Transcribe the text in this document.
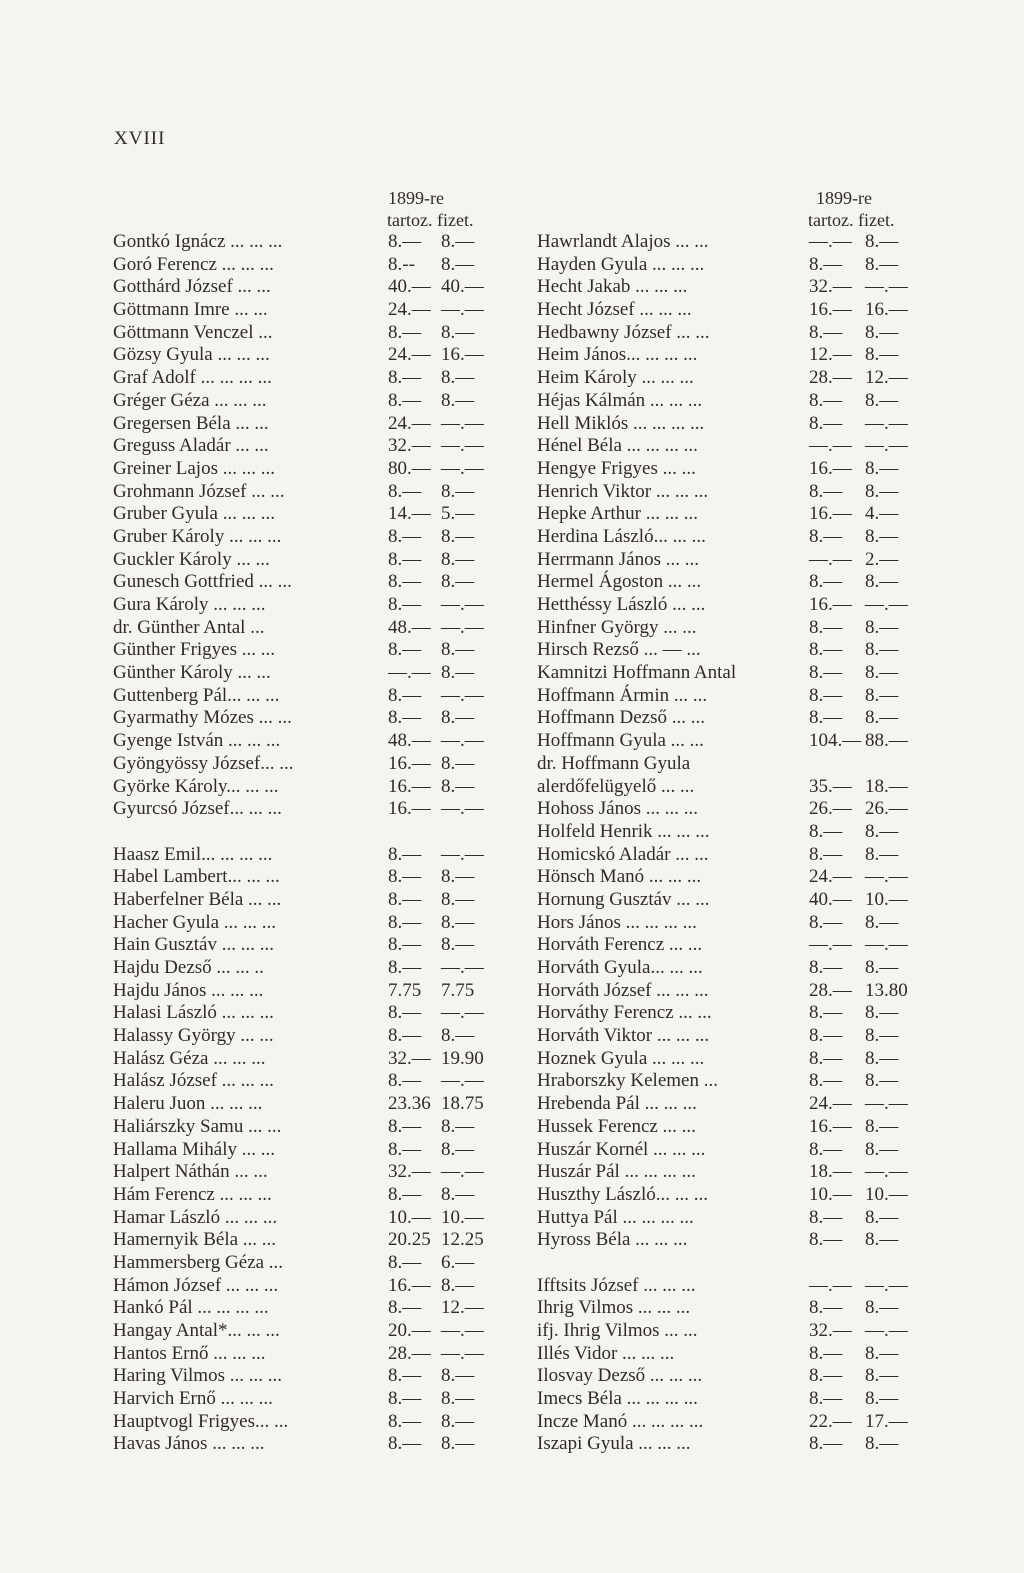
XVIII
1899-re
tartoz. fizet.
Gontkó Ignácz ... ... ...	8.— 8.—
Goró Ferencz ... ... ...	8.-- 8.—
Gotthárd József ... ...	40.— 40.—
Göttmann Imre ... ...	24.— —.—
Göttmann Venczel ...	8.— 8.—
Gözsy Gyula ... ... ...	24.— 16.—
Graf Adolf ... ... ... ...	8.— 8.—
Gréger Géza ... ... ...	8.— 8.—
Gregersen Béla ... ...	24.— —.—
Greguss Aladár ... ...	32.— —.—
Greiner Lajos ... ... ...	80.— —.—
Grohmann József ... ...	8.— 8.—
Gruber Gyula ... ... ...	14.— 5.—
Gruber Károly ... ... ...	8.— 8.—
Guckler Károly ... ...	8.— 8.—
Gunesch Gottfried ... ...	8.— 8.—
Gura Károly ... ... ...	8.— —.—
dr. Günther Antal ...	48.— —.—
Günther Frigyes ... ...	8.— 8.—
Günther Károly ... ...	—.— 8.—
Guttenberg Pál... ... ...	8.— —.—
Gyarmathy Mózes ... ...	8.— 8.—
Gyenge István ... ... ...	48.— —.—
Gyöngyössy József... ...	16.— 8.—
Györke Károly... ... ...	16.— 8.—
Gyurcsó József... ... ...	16.— —.—
Haasz Emil... ... ... ...	8.— —.—
Habel Lambert... ... ...	8.— 8.—
Haberfelner Béla ... ...	8.— 8.—
Hacher Gyula ... ... ...	8.— 8.—
Hain Gusztáv ... ... ...	8.— 8.—
Hajdu Dezső ... ... ..	8.— —.—
Hajdu János ... ... ...	7.75 7.75
Halasi László ... ... ...	8.— —.—
Halassy György ... ...	8.— 8.—
Halász Géza ... ... ...	32.— 19.90
Halász József ... ... ...	8.— —.—
Haleru Juon ... ... ...	23.36 18.75
Haliárszky Samu ... ...	8.— 8.—
Hallama Mihály ... ...	8.— 8.—
Halpert Náthán ... ...	32.— —.—
Hám Ferencz ... ... ...	8.— 8.—
Hamar László ... ... ...	10.— 10.—
Hamernyik Béla ... ...	20.25 12.25
Hammersberg Géza ...	8.— 6.—
Hámon József ... ... ...	16.— 8.—
Hankó Pál ... ... ... ...	8.— 12.—
Hangay Antal*... ... ...	20.— —.—
Hantos Ernő ... ... ...	28.— —.—
Haring Vilmos ... ... ...	8.— 8.—
Harvich Ernő ... ... ...	8.— 8.—
Hauptvogl Frigyes... ...	8.— 8.—
Havas János ... ... ...	8.— 8.—
1899-re
tartoz. fizet.
Hawrlandt Alajos ... ...	—.— 8.—
Hayden Gyula ... ... ...	8.— 8.—
Hecht Jakab ... ... ...	32.— —.—
Hecht József ... ... ...	16.— 16.—
Hedbawny József ... ...	8.— 8.—
Heim János... ... ... ...	12.— 8.—
Heim Károly ... ... ...	28.— 12.—
Héjas Kálmán ... ... ...	8.— 8.—
Hell Miklós ... ... ... ...	8.— —.—
Hénel Béla ... ... ... ...	—.— —.—
Hengye Frigyes ... ...	16.— 8.—
Henrich Viktor ... ... ...	8.— 8.—
Hepke Arthur ... ... ...	16.— 4.—
Herdina László... ... ...	8.— 8.—
Herrmann János ... ...	—.— 2.—
Hermel Ágoston ... ...	8.— 8.—
Hetthéssy László ... ...	16.— —.—
Hinfner György ... ...	8.— 8.—
Hirsch Rezső ... — ...	8.— 8.—
Kamnitzi Hoffmann Antal	8.— 8.—
Hoffmann Ármin ... ...	8.— 8.—
Hoffmann Dezső ... ...	8.— 8.—
Hoffmann Gyula ... ...	104.— 88.—
dr. Hoffmann Gyula
alerdőfelügyelő ... ...	35.— 18.—
Hohoss János ... ... ...	26.— 26.—
Holfeld Henrik ... ... ...	8.— 8.—
Homicskó Aladár ... ...	8.— 8.—
Hönsch Manó ... ... ...	24.— —.—
Hornung Gusztáv ... ...	40.— 10.—
Hors János ... ... ... ...	8.— 8.—
Horváth Ferencz ... ...	—.— —.—
Horváth Gyula... ... ...	8.— 8.—
Horváth József ... ... ...	28.— 13.80
Horváthy Ferencz ... ...	8.— 8.—
Horváth Viktor ... ... ...	8.— 8.—
Hoznek Gyula ... ... ...	8.— 8.—
Hraborszky Kelemen ...	8.— 8.—
Hrebenda Pál ... ... ...	24.— —.—
Hussek Ferencz ... ...	16.— 8.—
Huszár Kornél ... ... ...	8.— 8.—
Huszár Pál ... ... ... ...	18.— —.—
Huszthy László... ... ...	10.— 10.—
Huttya Pál ... ... ... ...	8.— 8.—
Hyross Béla ... ... ...	8.— 8.—
Ifftsits József ... ... ...	—.— —.—
Ihrig Vilmos ... ... ...	8.— 8.—
ifj. Ihrig Vilmos ... ...	32.— —.—
Illés Vidor ... ... ...	8.— 8.—
Ilosvay Dezső ... ... ...	8.— 8.—
Imecs Béla ... ... ... ...	8.— 8.—
Incze Manó ... ... ... ...	22.— 17.—
Iszapi Gyula ... ... ...	8.— 8.—
